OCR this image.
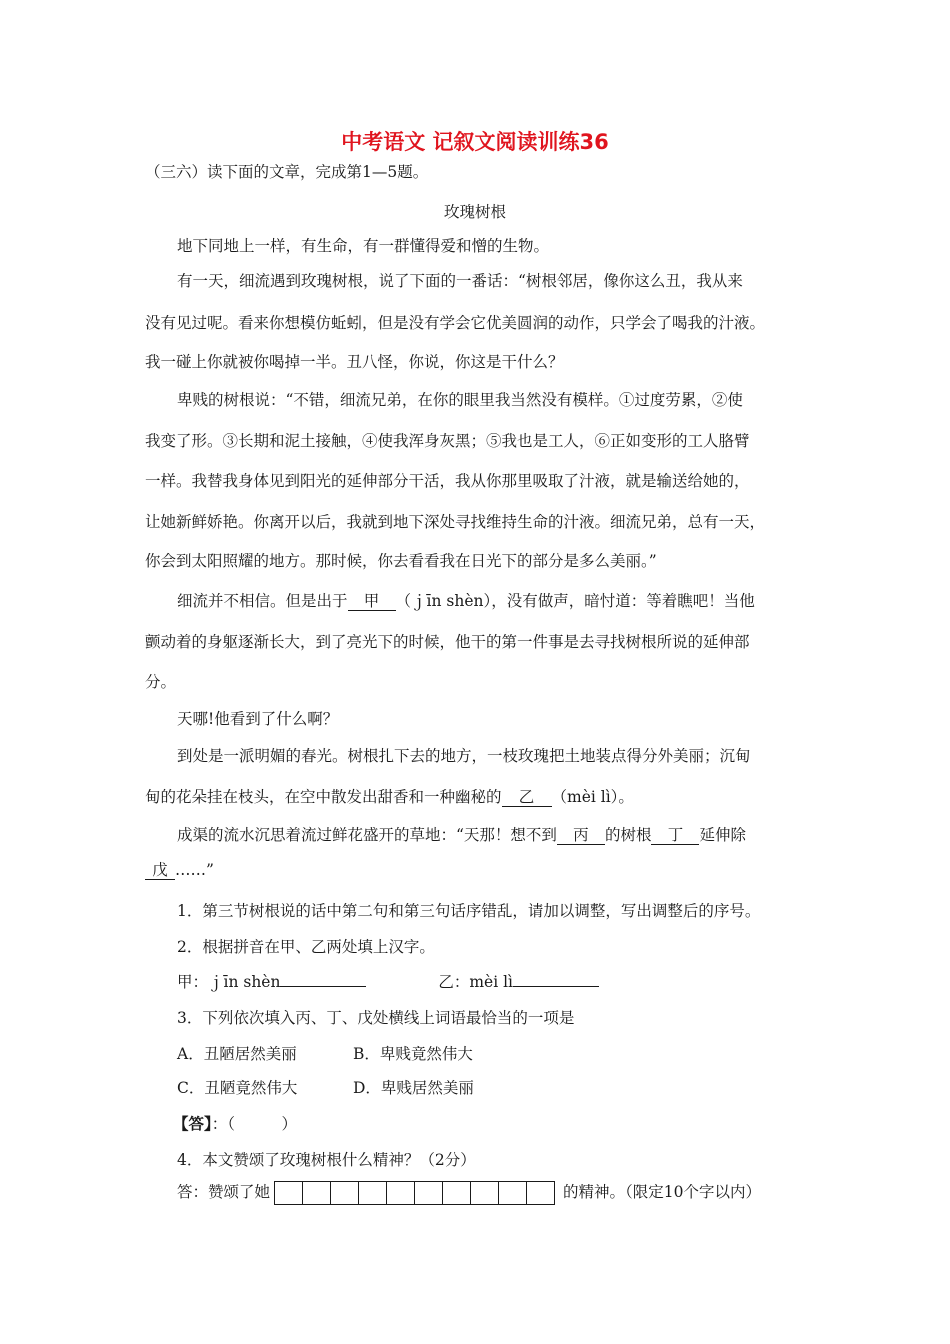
中考语文 记叙文阅读训练36
（三六）读下面的文章，完成第1—5题。
玫瑰树根
地下同地上一样，有生命，有一群懂得爱和憎的生物。
有一天，细流遇到玫瑰树根，说了下面的一番话：“树根邻居，像你这么丑，我从来
没有见过呢。看来你想模仿蚯蚓，但是没有学会它优美圆润的动作，只学会了喝我的汁液。
我一碰上你就被你喝掉一半。丑八怪，你说，你这是干什么？
卑贱的树根说：“不错，细流兄弟，在你的眼里我当然没有模样。①过度劳累，②使
我变了形。③长期和泥土接触，④使我浑身灰黑；⑤我也是工人，⑥正如变形的工人胳臂
一样。我替我身体见到阳光的延伸部分干活，我从你那里吸取了汁液，就是输送给她的，
让她新鲜娇艳。你离开以后，我就到地下深处寻找维持生命的汁液。细流兄弟，总有一天，
你会到太阳照耀的地方。那时候，你去看看我在日光下的部分是多么美丽。”
细流并不相信。但是出于 甲 （ｊīn shèn），没有做声，暗忖道：等着瞧吧！当他
颤动着的身躯逐渐长大，到了亮光下的时候，他干的第一件事是去寻找树根所说的延伸部
分。
天哪!他看到了什么啊？
到处是一派明媚的春光。树根扎下去的地方，一枝玫瑰把土地装点得分外美丽；沉甸
甸的花朵挂在枝头，在空中散发出甜香和一种幽秘的 乙 （mèi lì）。
成渠的流水沉思着流过鲜花盛开的草地：“天那！想不到 丙 的树根 丁 延伸除
戊 ……”
1．第三节树根说的话中第二句和第三句话序错乱，请加以调整，写出调整后的序号。
2．根据拼音在甲、乙两处填上汉字。
甲：ｊīn shèn	乙：mèi lì
3．下列依次填入丙、丁、戊处横线上词语最恰当的一项是
A．丑陋居然美丽	B．卑贱竟然伟大
C．丑陋竟然伟大	D．卑贱居然美丽
【答】：（　　　）
4．本文赞颂了玫瑰树根什么精神？（2分）
答：赞颂了她	的精神。（限定10个字以内）
